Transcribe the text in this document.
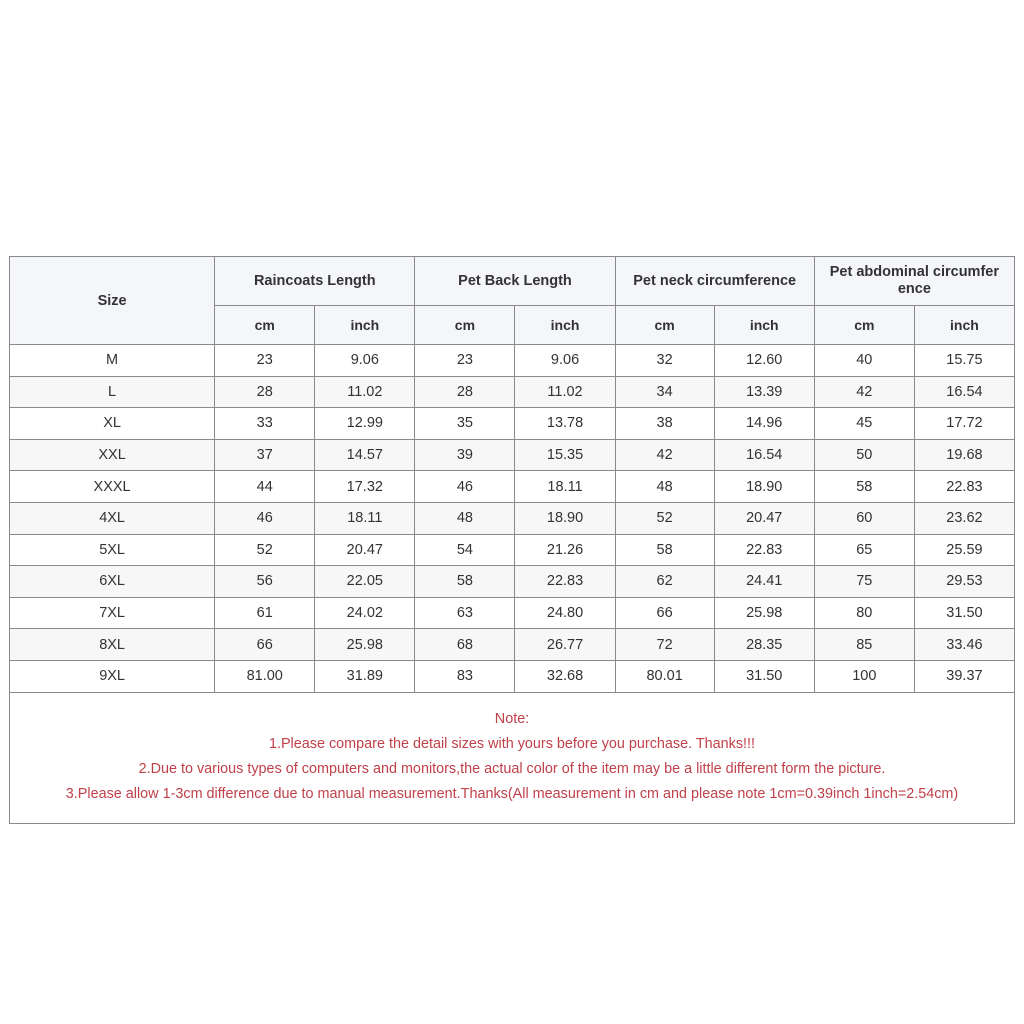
Size	Raincoats Length		Pet Back Length		Pet neck circumference		Pet abdominal circumfer ence	
	cm	inch	cm	inch	cm	inch	cm	inch
M	23	9.06	23	9.06	32	12.60	40	15.75
L	28	11.02	28	11.02	34	13.39	42	16.54
XL	33	12.99	35	13.78	38	14.96	45	17.72
XXL	37	14.57	39	15.35	42	16.54	50	19.68
XXXL	44	17.32	46	18.11	48	18.90	58	22.83
4XL	46	18.11	48	18.90	52	20.47	60	23.62
5XL	52	20.47	54	21.26	58	22.83	65	25.59
6XL	56	22.05	58	22.83	62	24.41	75	29.53
7XL	61	24.02	63	24.80	66	25.98	80	31.50
8XL	66	25.98	68	26.77	72	28.35	85	33.46
9XL	81.00	31.89	83	32.68	80.01	31.50	100	39.37

Note:
1.Please compare the detail sizes with yours before you purchase. Thanks!!!
2.Due to various types of computers and monitors,the actual color of the item may be a little different form the picture.
3.Please allow 1-3cm difference due to manual measurement.Thanks(All measurement in cm and please note 1cm=0.39inch 1inch=2.54cm)								
